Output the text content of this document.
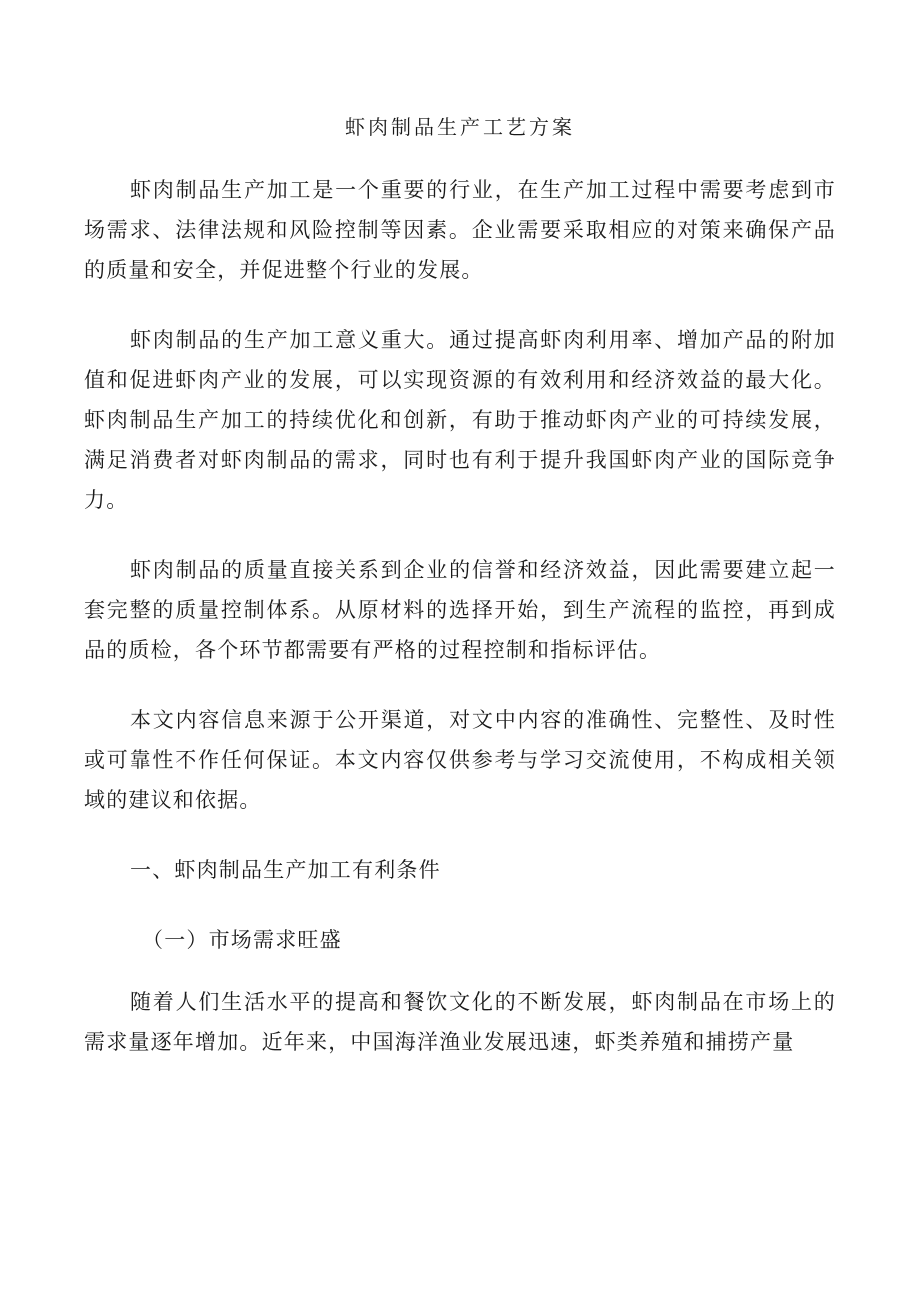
虾肉制品生产工艺方案

虾肉制品生产加工是一个重要的行业，在生产加工过程中需要考虑到市场需求、法律法规和风险控制等因素。企业需要采取相应的对策来确保产品的质量和安全，并促进整个行业的发展。

虾肉制品的生产加工意义重大。通过提高虾肉利用率、增加产品的附加值和促进虾肉产业的发展，可以实现资源的有效利用和经济效益的最大化。虾肉制品生产加工的持续优化和创新，有助于推动虾肉产业的可持续发展，满足消费者对虾肉制品的需求，同时也有利于提升我国虾肉产业的国际竞争力。

虾肉制品的质量直接关系到企业的信誉和经济效益，因此需要建立起一套完整的质量控制体系。从原材料的选择开始，到生产流程的监控，再到成品的质检，各个环节都需要有严格的过程控制和指标评估。

本文内容信息来源于公开渠道，对文中内容的准确性、完整性、及时性或可靠性不作任何保证。本文内容仅供参考与学习交流使用，不构成相关领域的建议和依据。

一、虾肉制品生产加工有利条件
（一）市场需求旺盛

随着人们生活水平的提高和餐饮文化的不断发展，虾肉制品在市场上的需求量逐年增加。近年来，中国海洋渔业发展迅速，虾类养殖和捕捞产量
